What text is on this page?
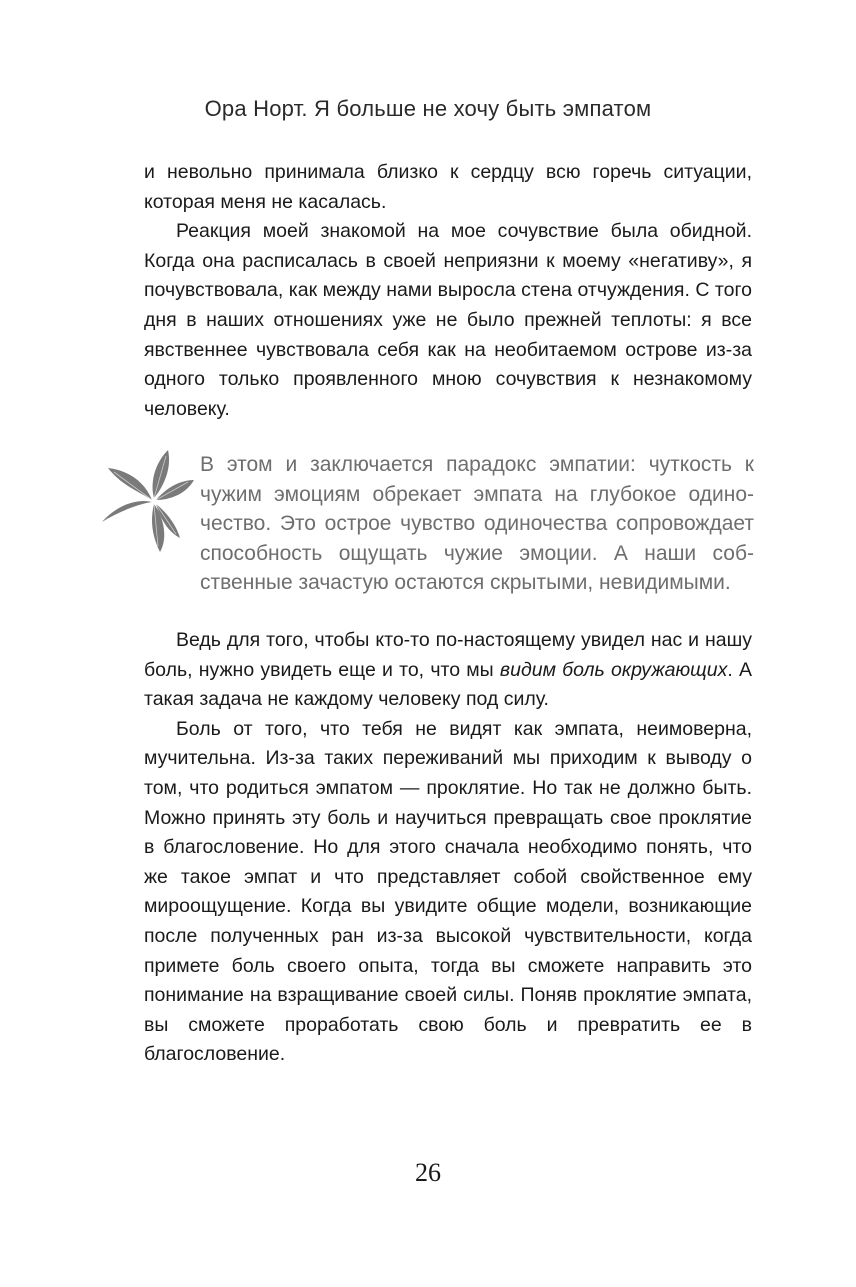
Ора Норт. Я больше не хочу быть эмпатом

и невольно принимала близко к сердцу всю горечь ситуации, которая меня не касалась.

Реакция моей знакомой на мое сочувствие была обидной. Когда она расписалась в своей неприязни к моему «негативу», я почувствовала, как между нами выросла стена отчуждения. С того дня в наших отношениях уже не было прежней теплоты: я все явственнее чувствовала себя как на необитаемом острове из-за одного только проявленного мною сочувствия к незнакомому человеку.

В этом и заключается парадокс эмпатии: чуткость к чужим эмоциям обрекает эмпата на глубокое одиночество. Это острое чувство одиночества сопровождает способность ощущать чужие эмоции. А наши собственные зачастую остаются скрытыми, невидимыми.

Ведь для того, чтобы кто-то по-настоящему увидел нас и нашу боль, нужно увидеть еще и то, что мы видим боль окружающих. А такая задача не каждому человеку под силу.

Боль от того, что тебя не видят как эмпата, неимоверна, мучительна. Из-за таких переживаний мы приходим к выводу о том, что родиться эмпатом — проклятие. Но так не должно быть. Можно принять эту боль и научиться превращать свое проклятие в благословение. Но для этого сначала необходимо понять, что же такое эмпат и что представляет собой свойственное ему мироощущение. Когда вы увидите общие модели, возникающие после полученных ран из-за высокой чувствительности, когда примете боль своего опыта, тогда вы сможете направить это понимание на взращивание своей силы. Поняв проклятие эмпата, вы сможете проработать свою боль и превратить ее в благословение.

26
